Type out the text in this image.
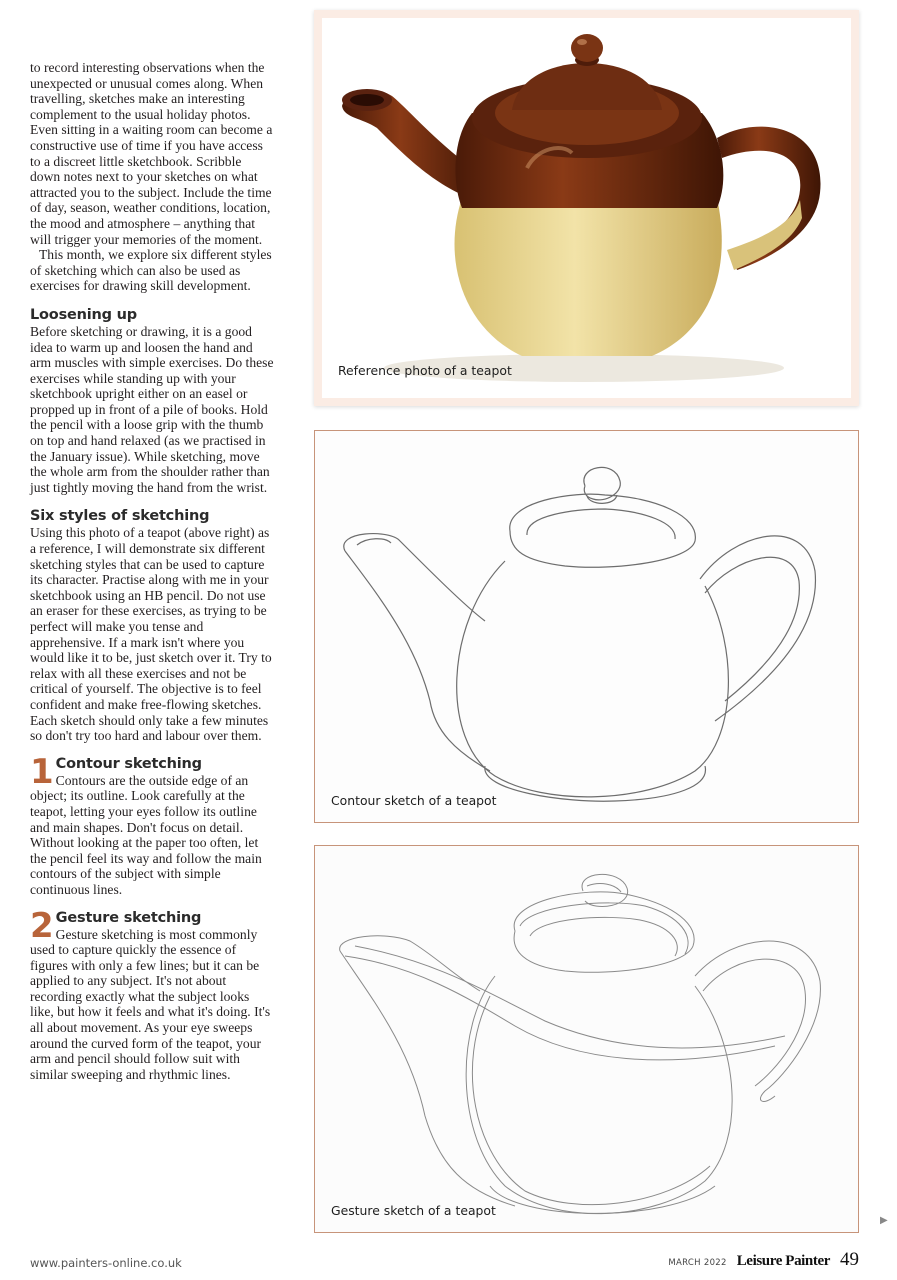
to record interesting observations when the unexpected or unusual comes along. When travelling, sketches make an interesting complement to the usual holiday photos. Even sitting in a waiting room can become a constructive use of time if you have access to a discreet little sketchbook. Scribble down notes next to your sketches on what attracted you to the subject. Include the time of day, season, weather conditions, location, the mood and atmosphere – anything that will trigger your memories of the moment.

This month, we explore six different styles of sketching which can also be used as exercises for drawing skill development.

Loosening up

Before sketching or drawing, it is a good idea to warm up and loosen the hand and arm muscles with simple exercises. Do these exercises while standing up with your sketchbook upright either on an easel or propped up in front of a pile of books. Hold the pencil with a loose grip with the thumb on top and hand relaxed (as we practised in the January issue). While sketching, move the whole arm from the shoulder rather than just tightly moving the hand from the wrist.

Six styles of sketching

Using this photo of a teapot (above right) as a reference, I will demonstrate six different sketching styles that can be used to capture its character. Practise along with me in your sketchbook using an HB pencil. Do not use an eraser for these exercises, as trying to be perfect will make you tense and apprehensive. If a mark isn't where you would like it to be, just sketch over it. Try to relax with all these exercises and not be critical of yourself. The objective is to feel confident and make free-flowing sketches. Each sketch should only take a few minutes so don't try too hard and labour over them.

1 Contour sketching

Contours are the outside edge of an object; its outline. Look carefully at the teapot, letting your eyes follow its outline and main shapes. Don't focus on detail. Without looking at the paper too often, let the pencil feel its way and follow the main contours of the subject with simple continuous lines.

2 Gesture sketching

Gesture sketching is most commonly used to capture quickly the essence of figures with only a few lines; but it can be applied to any subject. It's not about recording exactly what the subject looks like, but how it feels and what it's doing. It's all about movement. As your eye sweeps around the curved form of the teapot, your arm and pencil should follow suit with similar sweeping and rhythmic lines.

Reference photo of a teapot
Contour sketch of a teapot
Gesture sketch of a teapot
▶
www.painters-online.co.uk	MARCH 2022 Leisure Painter 49
